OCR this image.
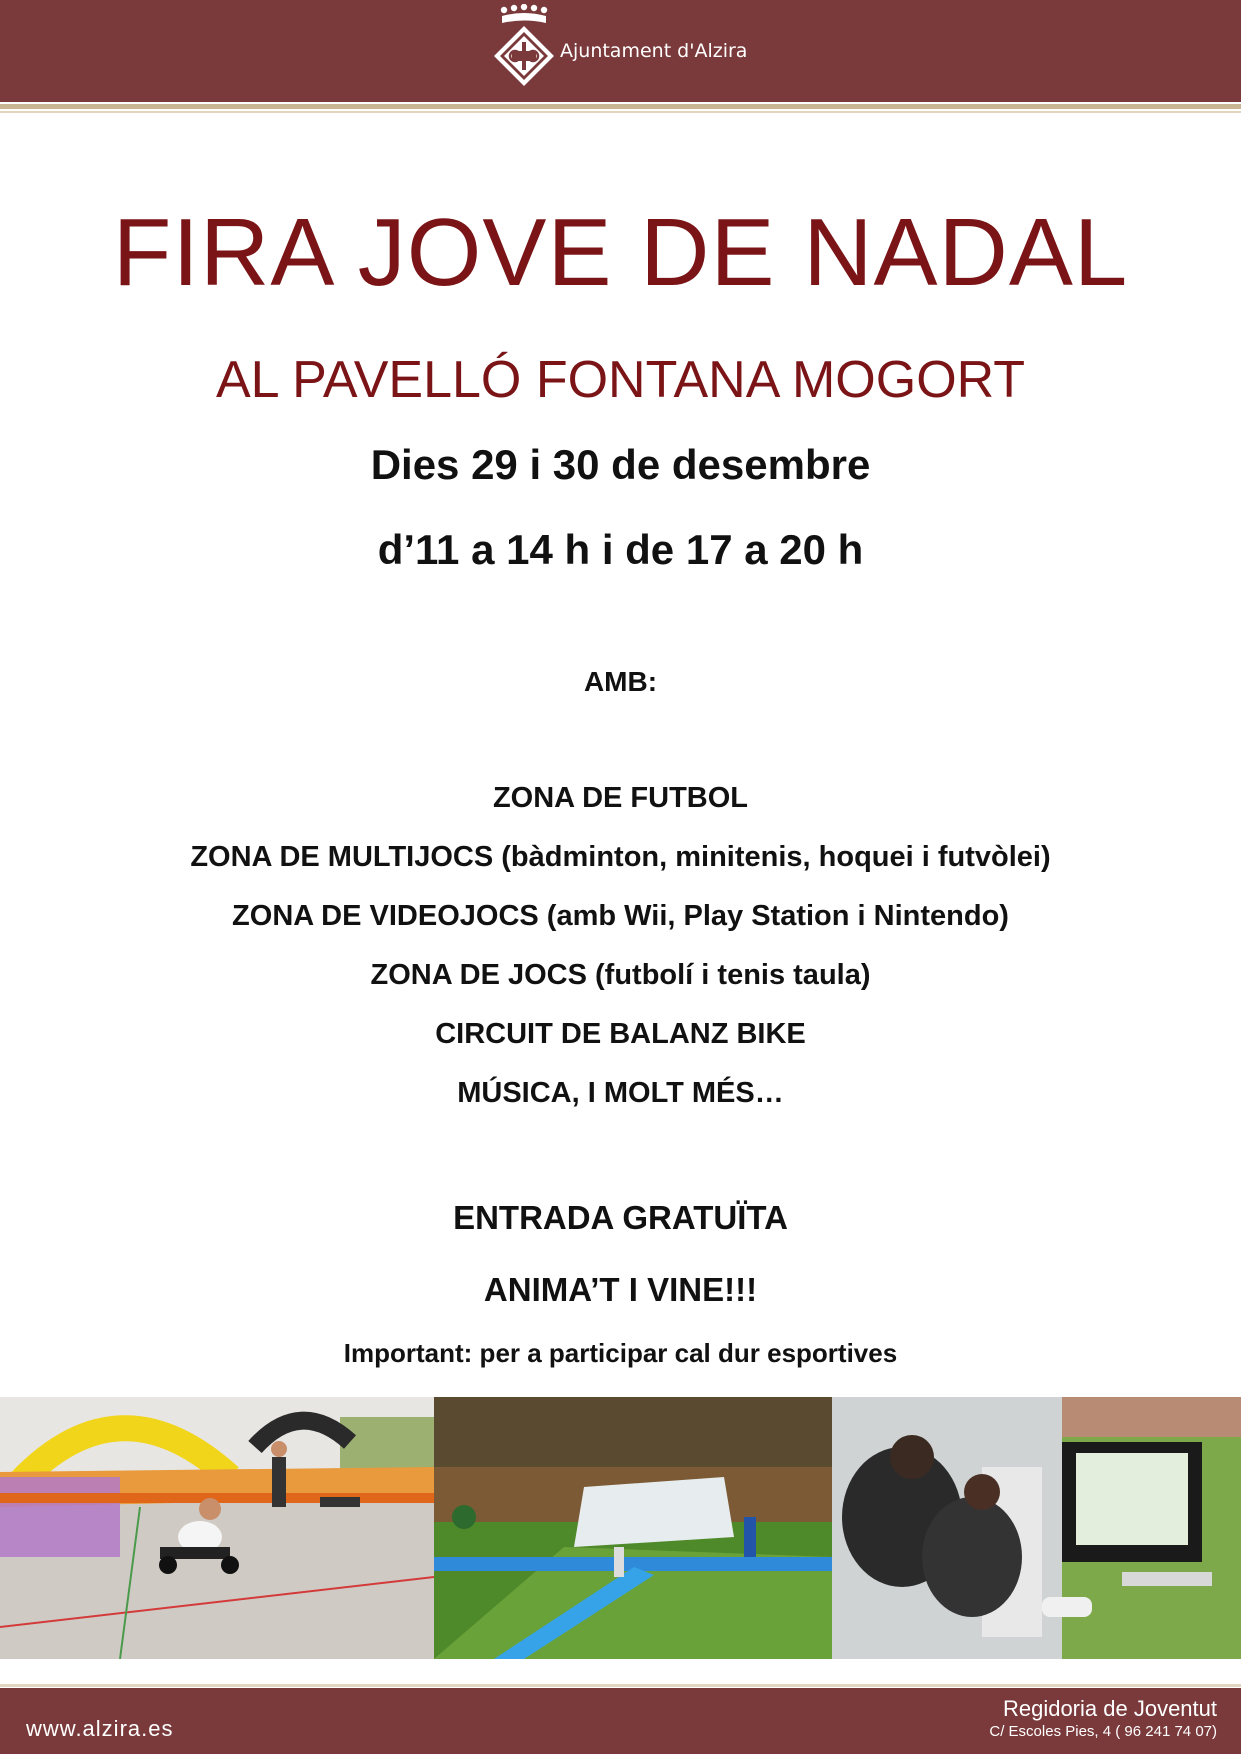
Ajuntament d'Alzira
FIRA JOVE DE NADAL
AL PAVELLÓ FONTANA MOGORT
Dies 29 i 30 de desembre
d’11 a 14 h i de 17 a 20 h
AMB:
ZONA DE FUTBOL
ZONA DE MULTIJOCS (bàdminton, minitenis, hoquei i futvòlei)
ZONA DE VIDEOJOCS (amb Wii, Play Station i Nintendo)
ZONA DE JOCS (futbolí i tenis taula)
CIRCUIT DE BALANZ BIKE
MÚSICA, I MOLT MÉS…
ENTRADA GRATUÏTA
ANIMA’T I VINE!!!
Important: per a participar cal dur esportives
www.alzira.es
Regidoria de Joventut
C/ Escoles Pies, 4 ( 96 241 74 07)
